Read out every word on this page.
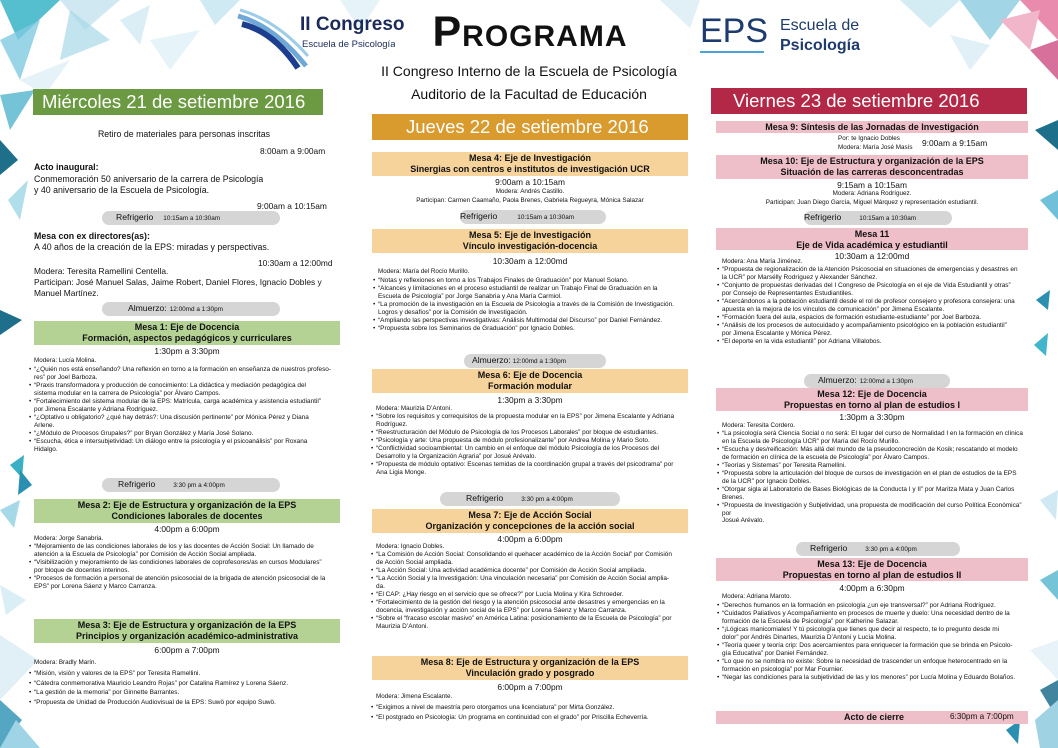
II Congreso
Escuela de Psicología Programa
II Congreso Interno de la Escuela de Psicología
Auditorio de la Facultad de Educación
EPS Escuela de
Psicología
Miércoles 21 de setiembre 2016
Retiro de materiales para personas inscritas
8:00am a 9:00am
Acto inaugural:
Conmemoración 50 aniversario de la carrera de Psicología
y 40 aniversario de la Escuela de Psicología.
9:00am a 10:15am
Refrigerio 10:15am a 10:30am
Mesa con ex directores(as):
A 40 años de la creación de la EPS: miradas y perspectivas.
10:30am a 12:00md
Modera: Teresita Ramellini Centella.
Participan: José Manuel Salas, Jaime Robert, Daniel Flores, Ignacio Dobles y
Manuel Martínez.
Almuerzo: 12:00md a 1:30pm
Mesa 1: Eje de Docencia
Formación, aspectos pedagógicos y curriculares
1:30pm a 3:30pm
Modera: Lucía Molina.
• “¿Quién nos está enseñando? Una reflexión en torno a la formación en enseñanza de nuestros profeso-
res” por Joel Barboza.
• “Praxis transformadora y producción de conocimiento: La didáctica y mediación pedagógica del
sistema modular en la carrera de Psicología” por Álvaro Campos.
• “Fortalecimiento del sistema modular de la EPS: Matrícula, carga académica y asistencia estudiantil”
por Jimena Escalante y Adriana Rodríguez.
• “¿Optativo u obligatorio? ¿qué hay detrás?: Una discusión pertinente” por Mónica Pérez y Diana
Arlene.
• “¿Módulo de Procesos Grupales?” por Bryan González y María José Solano.
• “Escucha, ética e intersubjetividad: Un diálogo entre la psicología y el psicoanálisis” por Roxana
Hidalgo.
Refrigerio	3:30 pm a 4:00pm
Mesa 2: Eje de Estructura y organización de la EPS
Condiciones laborales de docentes
4:00pm a 6:00pm
Modera: Jorge Sanabria.
• “Mejoramiento de las condiciones laborales de los y las docentes de Acción Social: Un llamado de
atención a la Escuela de Psicología” por Comisión de Acción Social ampliada.
• “Visibilización y mejoramiento de las condiciones laborales de coprofesores/as en cursos Modulares”
por bloque de docentes interinos.
• “Procesos de formación a personal de atención psicosocial de la brigada de atención psicosocial de la
EPS” por Lorena Sáenz y Marco Carranza.
Mesa 3: Eje de Estructura y organización de la EPS
Principios y organización académico-administrativa
6:00pm a 7:00pm
Modera: Bradly Marín.
• “Misión, visión y valores de la EPS” por Teresita Ramellini.
• “Cátedra conmemorativa Mauricio Leandro Rojas” por Catalina Ramírez y Lorena Sáenz.
• “La gestión de la memoria” por Ginnette Barrantes.
• “Propuesta de Unidad de Producción Audiovisual de la EPS: Suwö por equipo Suwö.
Jueves 22 de setiembre 2016
Mesa 4: Eje de Investigación
Sinergias con centros e institutos de investigación UCR
9:00am a 10:15am
Modera: Andrés Castillo.
Participan: Carmen Caamaño, Paola Brenes, Gabriela Regueyra, Mónica Salazar
Refrigerio	10:15am a 10:30am
Mesa 5: Eje de Investigación
Vínculo investigación-docencia
10:30am a 12:00md
Modera: María del Rocío Murillo.
• “Notas y reflexiones en torno a los Trabajos Finales de Graduación” por Manuel Solano.
• “Alcances y limitaciones en el proceso estudiantil de realizar un Trabajo Final de Graduación en la
Escuela de Psicología” por Jorge Sanabria y Ana María Carmiol.
• “La promoción de la investigación en la Escuela de Psicología a través de la Comisión de Investigación.
Logros y desafíos” por la Comisión de Investigación.
• “Ampliando las perspectivas investigativas: Análisis Multimodal del Discurso” por Daniel Fernández.
• “Propuesta sobre los Seminarios de Graduación” por Ignacio Dobles.
Almuerzo: 12:00md a 1:30pm
Mesa 6: Eje de Docencia
Formación modular
1:30pm a 3:30pm
Modera: Maurizia D’Antoni.
• “Sobre los requisitos y correquisitos de la propuesta modular en la EPS” por Jimena Escalante y Adriana
Rodríguez.
• “Reestructuración del Módulo de Psicología de los Procesos Laborales” por bloque de estudiantes.
• “Psicología y arte: Una propuesta de módulo profesionalizante” por Andrea Molina y Mario Soto.
• “Conflictividad socioambiental: Un cambio en el enfoque del módulo Psicología de los Procesos del
Desarrollo y la Organización Agraria” por Josué Arévalo.
• “Propuesta de módulo optativo: Escenas temidas de la coordinación grupal a través del psicodrama” por
Ana Ligia Monge.
Refrigerio	3:30 pm a 4:00pm
Mesa 7: Eje de Acción Social
Organización y concepciones de la acción social
4:00pm a 6:00pm
Modera: Ignacio Dobles.
• “La Comisión de Acción Social: Consolidando el quehacer académico de la Acción Social” por Comisión
de Acción Social ampliada.
• “La Acción Social: Una actividad académica docente” por Comisión de Acción Social ampliada.
• “La Acción Social y la Investigación: Una vinculación necesaria” por Comisión de Acción Social amplia-
da.
• “El CAP: ¿Hay riesgo en el servicio que se ofrece?” por Lucía Molina y Kira Schroeder.
• “Fortalecimiento de la gestión del riesgo y la atención psicosocial ante desastres y emergencias en la
docencia, investigación y acción social de la EPS” por Lorena Sáenz y Marco Carranza.
• “Sobre el “fracaso escolar masivo” en América Latina: posicionamiento de la Escuela de Psicología” por
Maurizia D’Antoni.
Mesa 8: Eje de Estructura y organización de la EPS
Vinculación grado y posgrado
6:00pm a 7:00pm
Modera: Jimena Escalante.
• “Exigimos a nivel de maestría pero otorgamos una licenciatura” por Mirta González.
• “El postgrado en Psicología: Un programa en continuidad con el grado” por Priscilla Echeverría.
Viernes 23 de setiembre 2016
Mesa 9: Síntesis de las Jornadas de Investigación
Por: te Ignacio Dobles
Modera: María José Masís 9:00am a 9:15am
Mesa 10: Eje de Estructura y organización de la EPS
Situación de las carreras desconcentradas
9:15am a 10:15am
Modera: Adriana Rodríguez.
Participan: Juan Diego García, Miguel Márquez y representación estudiantil.
Refrigerio	10:15am a 10:30am
Mesa 11
Eje de Vida académica y estudiantil
10:30am a 12:00md
Modera: Ana María Jiménez.
• “Propuesta de regionalización de la Atención Psicosocial en situaciones de emergencias y desastres en
la UCR” por Marsélly Rodríguez y Alexander Sánchez.
• “Conjunto de propuestas derivadas del I Congreso de Psicología en el eje de Vida Estudiantil y otras”
por Consejo de Representantes Estudiantiles.
• “Acercándonos a la población estudiantil desde el rol de profesor consejero y profesora consejera: una
apuesta en la mejora de los vínculos de comunicación” por Jimena Escalante.
• “Formación fuera del aula, espacios de formación estudiante-estudiante” por Joel Barboza.
• “Análisis de los procesos de autocuidado y acompañamiento psicológico en la población estudiantil”
por Jimena Escalante y Mónica Pérez.
• “El deporte en la vida estudiantil” por Adriana Villalobos.
Almuerzo: 12:00md a 1:30pm
Mesa 12: Eje de Docencia
Propuestas en torno al plan de estudios I
1:30pm a 3:30pm
Modera: Teresita Cordero.
• “La psicología será Ciencia Social o no será: El lugar del curso de Normalidad I en la formación en clínica
en la Escuela de Psicología UCR” por María del Rocío Murillo.
• “Escucha y des/reificación: Más allá del mundo de la pseudoconcreción de Kosik; rescatando el modelo
de formación en clínica de la escuela de Psicología” por Álvaro Campos.
• “Teorías y Sistemas” por Teresita Ramellini.
• “Propuesta sobre la articulación del bloque de cursos de investigación en el plan de estudios de la EPS
de la UCR” por Ignacio Dobles.
• “Otorgar sigla al Laboratorio de Bases Biológicas de la Conducta I y II” por Maritza Mata y Juan Carlos
Brenes.
• “Propuesta de Investigación y Subjetividad, una propuesta de modificación del curso Política Económica” por
Josué Arévalo.
Refrigerio	3:30 pm a 4:00pm
Mesa 13: Eje de Docencia
Propuestas en torno al plan de estudios II
4:00pm a 6:30pm
Modera: Adriana Maroto.
• “Derechos humanos en la formación en psicología ¿un eje transversal?” por Adriana Rodríguez.
• “Cuidados Paliativos y Acompañamiento en procesos de muerte y duelo: Una necesidad dentro de la
formación de la Escuela de Psicología” por Katherine Salazar.
• “¡Lógicas manicomiales! Y tú psicología que tienes que decir al respecto, te lo pregunto desde mi
dolor” por Andrés Dinartes, Maurizia D’Antoni y Lucía Molina.
• “Teoría queer y teoría crip: Dos acercamientos para enriquecer la formación que se brinda en Psicolo-
gía Educativa” por Daniel Fernández.
• “Lo que no se nombra no existe: Sobre la necesidad de trascender un enfoque heterocentrado en la
formación en psicología” por Mar Fournier.
• “Negar las condiciones para la subjetividad de las y los menores” por Lucía Molina y Eduardo Bolaños.
Acto de cierre	6:30pm a 7:00pm
